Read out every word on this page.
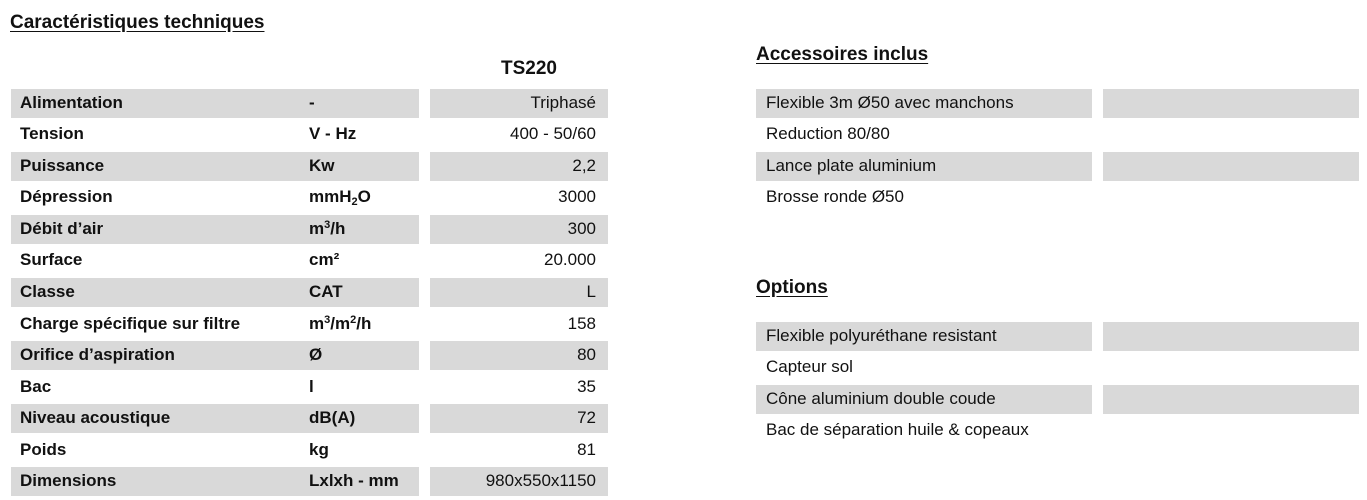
Caractéristiques techniques
TS220
Alimentation	-	Triphasé
Tension	V - Hz	400 - 50/60
Puissance	Kw	2,2
Dépression	mmH$_2$O	3000
Débit d’air	$m^3/h$	300
Surface	cm²	20.000
Classe	CAT	L
Charge spécifique sur filtre	$m^3/m^2/h$	158
Orifice d’aspiration	Ø	80
Bac	l	35
Niveau acoustique	dB(A)	72
Poids	kg	81
Dimensions	Lxlxh - mm	980x550x1150
Accessoires inclus
Flexible 3m Ø50 avec manchons
Reduction 80/80
Lance plate aluminium
Brosse ronde Ø50
Options
Flexible polyuréthane resistant
Capteur sol
Cône aluminium double coude
Bac de séparation huile & copeaux
